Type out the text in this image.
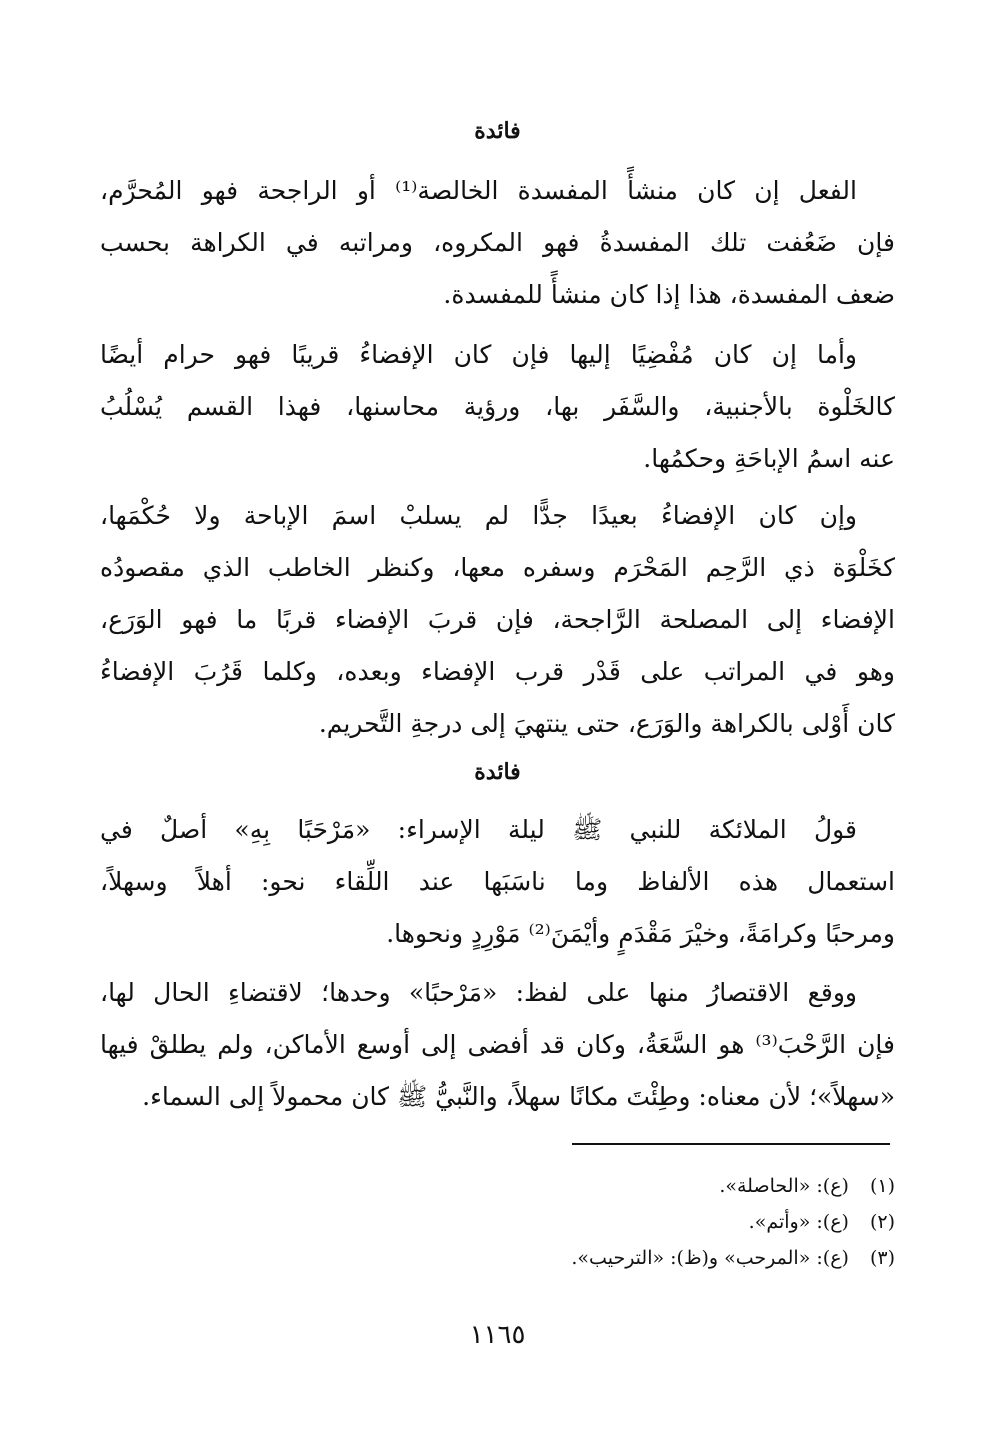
فائدة
الفعل إن كان منشأً المفسدة الخالصة⁽¹⁾ أو الراجحة فهو المُحرَّم،
فإن ضَعُفت تلك المفسدةُ فهو المكروه، ومراتبه في الكراهة بحسب
ضعف المفسدة، هذا إذا كان منشأً للمفسدة.
وأما إن كان مُفْضِيًا إليها فإن كان الإفضاءُ قريبًا فهو حرام أيضًا
كالخَلْوة بالأجنبية، والسَّفَر بها، ورؤية محاسنها، فهذا القسم يُسْلُبُ
عنه اسمُ الإباحَةِ وحكمُها.
وإن كان الإفضاءُ بعيدًا جدًّا لم يسلبْ اسمَ الإباحة ولا حُكْمَها،
كخَلْوَة ذي الرَّحِم المَحْرَم وسفره معها، وكنظر الخاطب الذي مقصودُه
الإفضاء إلى المصلحة الرَّاجحة، فإن قربَ الإفضاء قربًا ما فهو الوَرَع،
وهو في المراتب على قَدْر قرب الإفضاء وبعده، وكلما قَرُبَ الإفضاءُ
كان أَوْلى بالكراهة والوَرَع، حتى ينتهيَ إلى درجةِ التَّحريم.
فائدة
قولُ الملائكة للنبي ﷺ ليلة الإسراء: «مَرْحَبًا بِهِ» أصلٌ في
استعمال هذه الألفاظ وما ناسَبَها عند اللِّقاء نحو: أهلاً وسهلاً،
ومرحبًا وكرامَةً، وخيْرَ مَقْدَمٍ وأيْمَنَ⁽²⁾ مَوْرِدٍ ونحوها.
ووقع الاقتصارُ منها على لفظ: «مَرْحبًا» وحدها؛ لاقتضاءِ الحال لها،
فإن الرَّحْبَ⁽³⁾ هو السَّعَةُ، وكان قد أفضى إلى أوسع الأماكن، ولم يطلقْ فيها
«سهلاً»؛ لأن معناه: وطِئْتَ مكانًا سهلاً، والنَّبيُّ ﷺ كان محمولاً إلى السماء.
(١) (ع): «الحاصلة».
(٢) (ع): «وأتم».
(٣) (ع): «المرحب» و(ظ): «الترحيب».
١١٦٥
